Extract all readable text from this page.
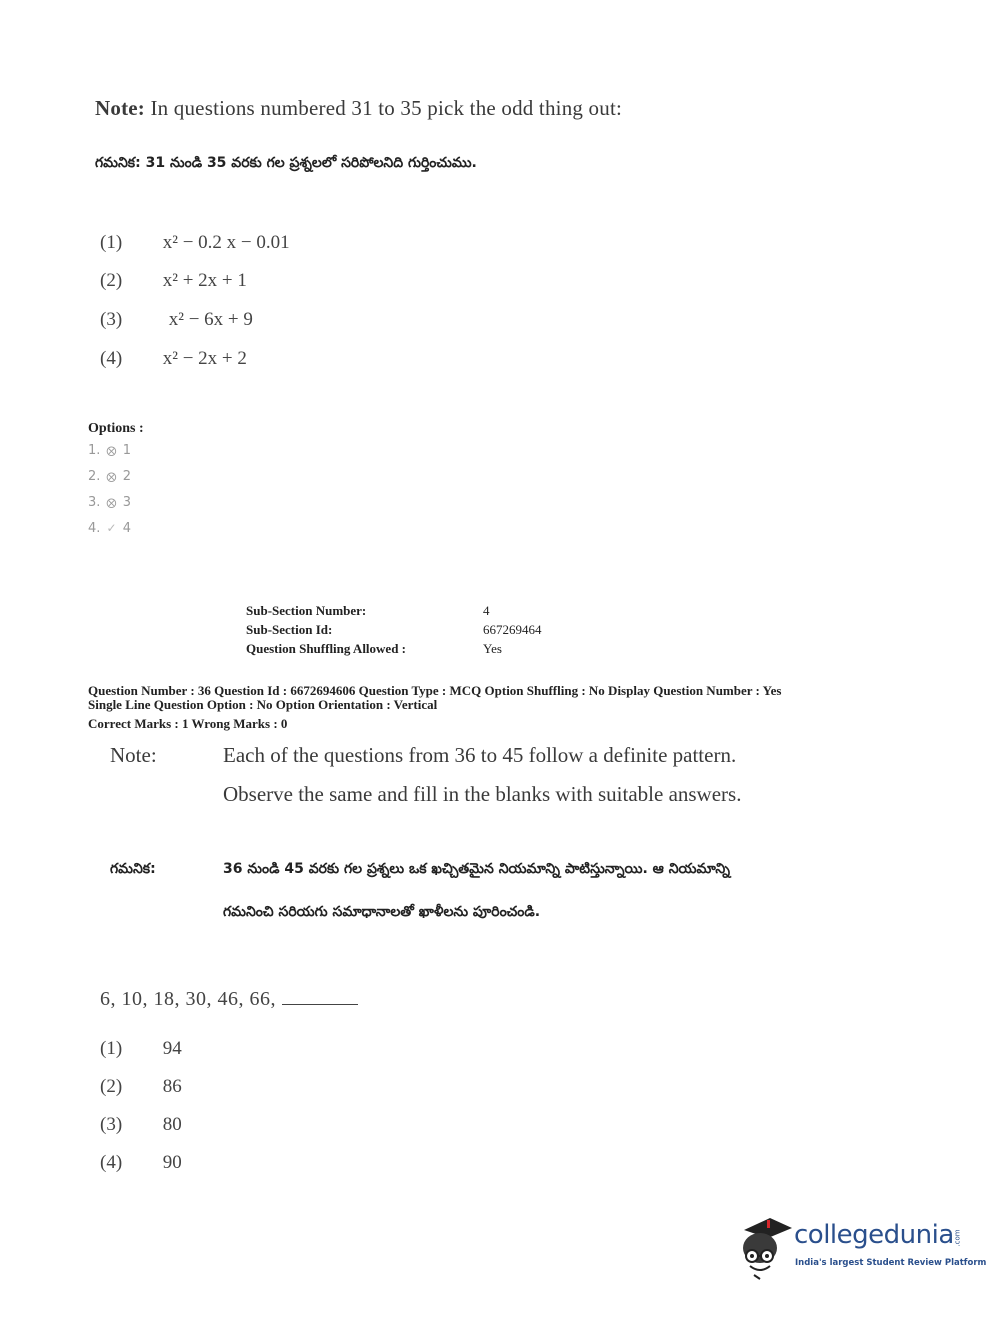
Note: In questions numbered 31 to 35 pick the odd thing out:
గమనిక: 31 నుండి 35 వరకు గల ప్రశ్నలలో సరిపోలనిది గుర్తించుము.
(1) x² − 0.2 x − 0.01
(2) x² + 2x + 1
(3) x² − 6x + 9
(4) x² − 2x + 2
Options :
1. ⨂ 1
2. ⨂ 2
3. ⨂ 3
4. ✓ 4
Sub-Section Number:	4
Sub-Section Id:	667269464
Question Shuffling Allowed :	Yes
Question Number : 36 Question Id : 6672694606 Question Type : MCQ Option Shuffling : No Display Question Number : Yes
Single Line Question Option : No Option Orientation : Vertical
Correct Marks : 1 Wrong Marks : 0
Note:	Each of the questions from 36 to 45 follow a definite pattern.
Observe the same and fill in the blanks with suitable answers.
గమనిక:	36 నుండి 45 వరకు గల ప్రశ్నలు ఒక ఖచ్చితమైన నియమాన్ని పాటిస్తున్నాయి. ఆ నియమాన్ని
గమనించి సరియగు సమాధానాలతో ఖాళీలను పూరించండి.
6, 10, 18, 30, 46, 66,
(1) 94
(2) 86
(3) 80
(4) 90
collegedunia .com
India's largest Student Review Platform
